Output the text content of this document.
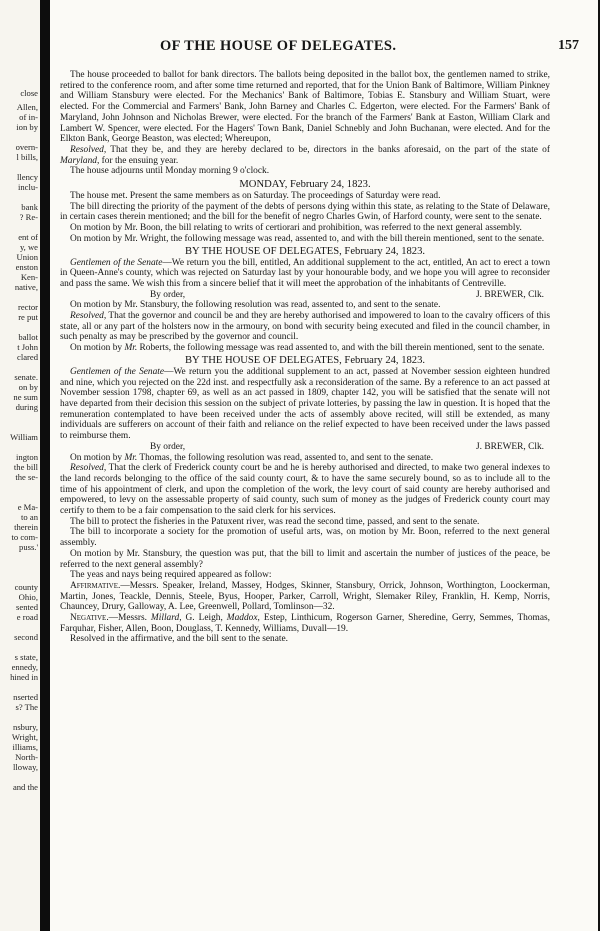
close
Allen,
of in-
ion by
overn-
l bills,
llency
inclu-
bank
? Re-
ent of
y, we
Union
enston
Ken-
native,
rector
re put
ballot
t John
clared
senate.
on by
ne sum
during
William
ington
the bill
the se-
e Ma-
to an
therein
to com-
puss.'
county
Ohio,
sented
e road
second
s state,
ennedy,
hined in
nserted
s? The
nsbury,
Wright,
illiams,
North-
lloway,
and the
OF THE HOUSE OF DELEGATES.	157

The house proceeded to ballot for bank directors. The ballots being deposited in the ballot box, the gentlemen named to strike, retired to the conference room, and after some time returned and reported, that for the Union Bank of Baltimore, William Pinkney and William Stansbury were elected. For the Mechanics' Bank of Baltimore, Tobias E. Stansbury and William Stuart, were elected. For the Commercial and Farmers' Bank, John Barney and Charles C. Edgerton, were elected. For the Farmers' Bank of Maryland, John Johnson and Nicholas Brewer, were elected. For the branch of the Farmers' Bank at Easton, William Clark and Lambert W. Spencer, were elected. For the Hagers' Town Bank, Daniel Schnebly and John Buchanan, were elected. And for the Elkton Bank, George Beaston, was elected; Whereupon,

Resolved, That they be, and they are hereby declared to be, directors in the banks aforesaid, on the part of the state of Maryland, for the ensuing year.

The house adjourns until Monday morning 9 o'clock.

MONDAY, February 24, 1823.

The house met. Present the same members as on Saturday. The proceedings of Saturday were read.

The bill directing the priority of the payment of the debts of persons dying within this state, as relating to the State of Delaware, in certain cases therein mentioned; and the bill for the benefit of negro Charles Gwin, of Harford county, were sent to the senate.

On motion by Mr. Boon, the bill relating to writs of certiorari and prohibition, was referred to the next general assembly.

On motion by Mr. Wright, the following message was read, assented to, and with the bill therein mentioned, sent to the senate.

BY THE HOUSE OF DELEGATES, February 24, 1823.

Gentlemen of the Senate—We return you the bill, entitled, An additional supplement to the act, entitled, An act to erect a town in Queen-Anne's county, which was rejected on Saturday last by your honourable body, and we hope you will agree to reconsider and pass the same. We wish this from a sincere belief that it will meet the approbation of the inhabitants of Centreville.

By order,	J. BREWER, Clk.

On motion by Mr. Stansbury, the following resolution was read, assented to, and sent to the senate.

Resolved, That the governor and council be and they are hereby authorised and impowered to loan to the cavalry officers of this state, all or any part of the holsters now in the armoury, on bond with security being executed and filed in the council chamber, in such penalty as may be prescribed by the governor and council.

On motion by Mr. Roberts, the following message was read assented to, and with the bill therein mentioned, sent to the senate.

BY THE HOUSE OF DELEGATES, February 24, 1823.

Gentlemen of the Senate—We return you the additional supplement to an act, passed at November session eighteen hundred and nine, which you rejected on the 22d inst. and respectfully ask a reconsideration of the same. By a reference to an act passed at November session 1798, chapter 69, as well as an act passed in 1809, chapter 142, you will be satisfied that the senate will not have departed from their decision this session on the subject of private lotteries, by passing the law in question. It is hoped that the remuneration contemplated to have been received under the acts of assembly above recited, will still be extended, as many individuals are sufferers on account of their faith and reliance on the relief expected to have been received under the laws passed to reimburse them.

By order,	J. BREWER, Clk.

On motion by Mr. Thomas, the following resolution was read, assented to, and sent to the senate.

Resolved, That the clerk of Frederick county court be and he is hereby authorised and directed, to make two general indexes to the land records belonging to the office of the said county court, & to have the same securely bound, so as to include all to the time of his appointment of clerk, and upon the completion of the work, the levy court of said county are hereby authorised and empowered, to levy on the assessable property of said county, such sum of money as the judges of Frederick county court may certify to them to be a fair compensation to the said clerk for his services.

The bill to protect the fisheries in the Patuxent river, was read the second time, passed, and sent to the senate.

The bill to incorporate a society for the promotion of useful arts, was, on motion by Mr. Boon, referred to the next general assembly.

On motion by Mr. Stansbury, the question was put, that the bill to limit and ascertain the number of justices of the peace, be referred to the next general assembly?

The yeas and nays being required appeared as follow:

Affirmative.—Messrs. Speaker, Ireland, Massey, Hodges, Skinner, Stansbury, Orrick, Johnson, Worthington, Loockerman, Martin, Jones, Teackle, Dennis, Steele, Byus, Hooper, Parker, Carroll, Wright, Slemaker Riley, Franklin, H. Kemp, Norris, Chauncey, Drury, Galloway, A. Lee, Greenwell, Pollard, Tomlinson—32.

Negative.—Messrs. Millard, G. Leigh, Maddox, Estep, Linthicum, Rogerson Garner, Sheredine, Gerry, Semmes, Thomas, Farquhar, Fisher, Allen, Boon, Douglass, T. Kennedy, Williams, Duvall—19.

Resolved in the affirmative, and the bill sent to the senate.
